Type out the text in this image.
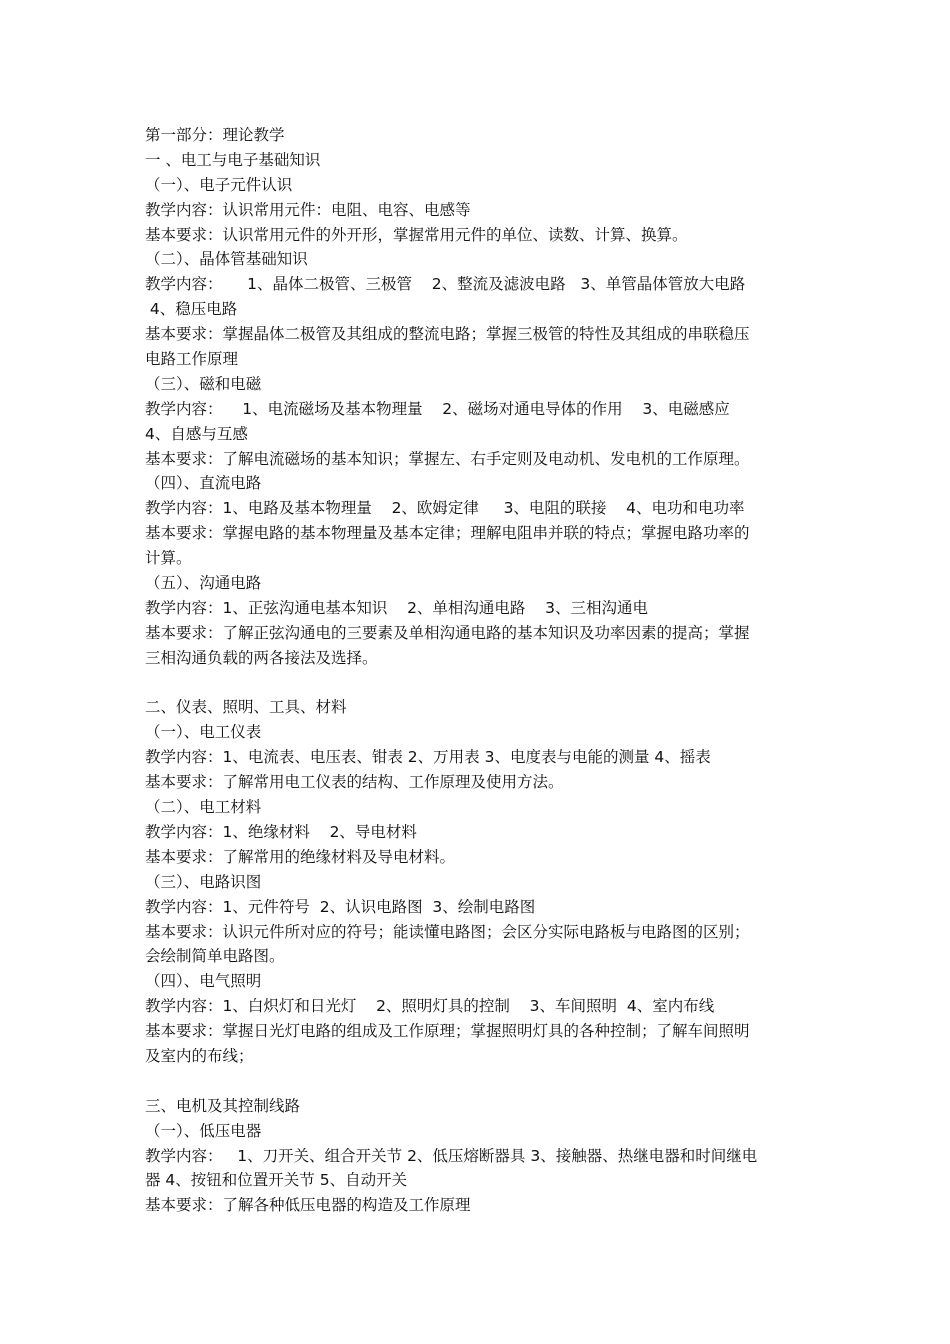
第一部分：理论教学
一 、电工与电子基础知识
（一）、电子元件认识
教学内容：认识常用元件：电阻、电容、电感等
基本要求：认识常用元件的外开形，掌握常用元件的单位、读数、计算、换算。
（二）、晶体管基础知识
教学内容：     1、晶体二极管、三极管    2、整流及滤波电路   3、单管晶体管放大电路
4、稳压电路
基本要求：掌握晶体二极管及其组成的整流电路；掌握三极管的特性及其组成的串联稳压
电路工作原理
（三）、磁和电磁
教学内容：    1、电流磁场及基本物理量    2、磁场对通电导体的作用    3、电磁感应
4、自感与互感
基本要求：了解电流磁场的基本知识；掌握左、右手定则及电动机、发电机的工作原理。
（四）、直流电路
教学内容：1、电路及基本物理量    2、欧姆定律     3、电阻的联接    4、电功和电功率
基本要求：掌握电路的基本物理量及基本定律；理解电阻串并联的特点；掌握电路功率的
计算。
（五）、沟通电路
教学内容：1、正弦沟通电基本知识    2、单相沟通电路    3、三相沟通电
基本要求：了解正弦沟通电的三要素及单相沟通电路的基本知识及功率因素的提高；掌握
三相沟通负载的两各接法及选择。
二、仪表、照明、工具、材料
（一）、电工仪表
教学内容：1、电流表、电压表、钳表 2、万用表 3、电度表与电能的测量 4、摇表
基本要求：了解常用电工仪表的结构、工作原理及使用方法。
（二）、电工材料
教学内容：1、绝缘材料    2、导电材料
基本要求：了解常用的绝缘材料及导电材料。
（三）、电路识图
教学内容：1、元件符号  2、认识电路图  3、绘制电路图
基本要求：认识元件所对应的符号；能读懂电路图；会区分实际电路板与电路图的区别；
会绘制简单电路图。
（四）、电气照明
教学内容：1、白炽灯和日光灯    2、照明灯具的控制    3、车间照明  4、室内布线
基本要求：掌握日光灯电路的组成及工作原理；掌握照明灯具的各种控制；了解车间照明
及室内的布线；
三、电机及其控制线路
（一）、低压电器
教学内容：   1、刀开关、组合开关节 2、低压熔断器具 3、接触器、热继电器和时间继电
器 4、按钮和位置开关节 5、自动开关
基本要求：了解各种低压电器的构造及工作原理
